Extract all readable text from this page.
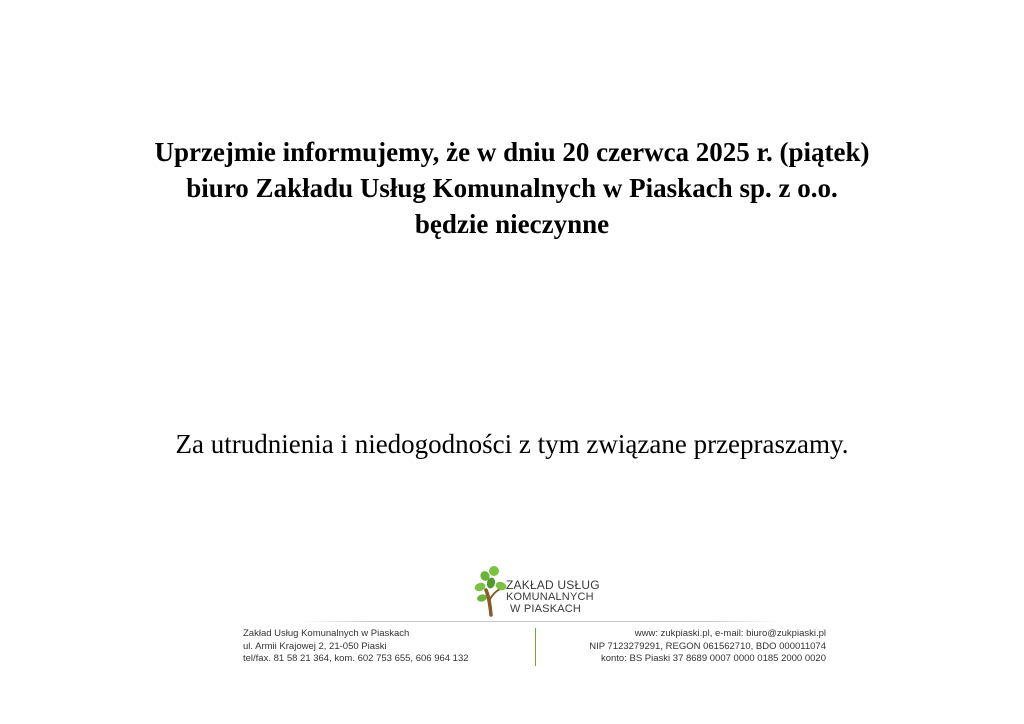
Uprzejmie informujemy, że w dniu 20 czerwca 2025 r. (piątek)
biuro Zakładu Usług Komunalnych w Piaskach sp. z o.o.
będzie nieczynne
Za utrudnienia i niedogodności z tym związane przepraszamy.
ZAKŁAD USŁUG
KOMUNALNYCH
W PIASKACH
Zakład Usług Komunalnych w Piaskach
ul. Armii Krajowej 2, 21-050 Piaski
tel/fax. 81 58 21 364, kom. 602 753 655, 606 964 132
www: zukpiaski.pl, e-mail: biuro@zukpiaski.pl
NIP 7123279291, REGON 061562710, BDO 000011074
konto: BS Piaski 37 8689 0007 0000 0185 2000 0020
